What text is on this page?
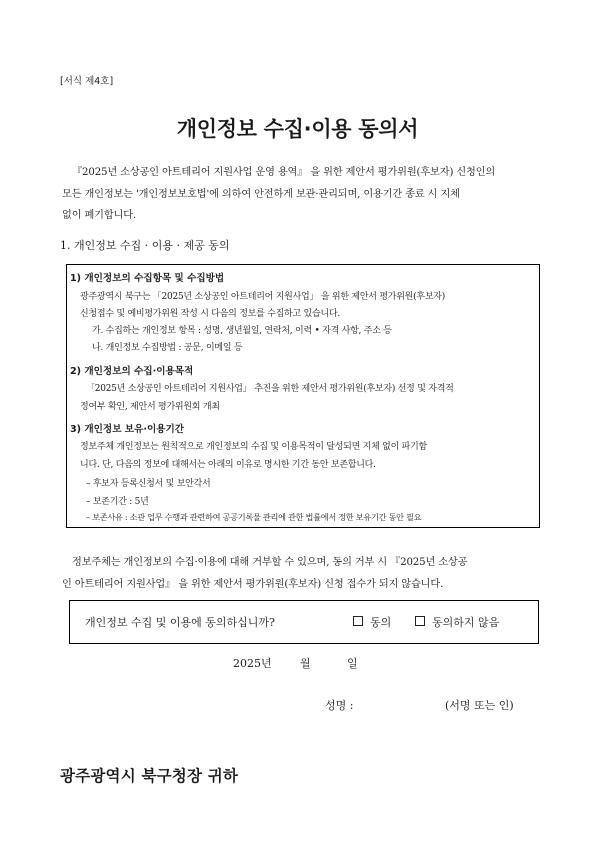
[서식 제4호]
개인정보 수집·이용 동의서
『2025년 소상공인 아트테리어 지원사업 운영 용역』 을 위한 제안서 평가위원(후보자) 신청인의
모든 개인정보는 '개인정보보호법'에 의하여 안전하게 보관·관리되며, 이용기간 종료 시 지체
없이 폐기합니다.
1. 개인정보 수집 · 이용 · 제공 동의
1) 개인정보의 수집항목 및 수집방법
광주광역시 북구는 「2025년 소상공인 아트테리어 지원사업」 을 위한 제안서 평가위원(후보자)
신청접수 및 예비평가위원 작성 시 다음의 정보를 수집하고 있습니다.
가. 수집하는 개인정보 항목 : 성명, 생년월일, 연락처, 이력 • 자격 사항, 주소 등
나. 개인정보 수집방법 : 공문, 이메일 등
2) 개인정보의 수집·이용목적
「2025년 소상공인 아트테리어 지원사업」 추진을 위한 제안서 평가위원(후보자) 선정 및 자격적
정여부 확인, 제안서 평가위원회 개최
3) 개인정보 보유·이용기간
정보주체 개인정보는 원칙적으로 개인정보의 수집 및 이용목적이 달성되면 지체 없이 파기함
니다. 단, 다음의 정보에 대해서는 아래의 이유로 명시한 기간 동안 보존합니다.
– 후보자 등록신청서 및 보안각서
– 보존기간 : 5년
– 보존사유 : 소관 업무 수행과 관련하여 공공기록물 관리에 관한 법률에서 정한 보유기간 동안 필요
정보주체는 개인정보의 수집·이용에 대해 거부할 수 있으며, 동의 거부 시 『2025년 소상공
인 아트테리어 지원사업』 을 위한 제안서 평가위원(후보자) 신청 접수가 되지 않습니다.
개인정보 수집 및 이용에 동의하십니까?	동의	동의하지 않음
2025년	월	일
성명 :	(서명 또는 인)
광주광역시 북구청장 귀하
